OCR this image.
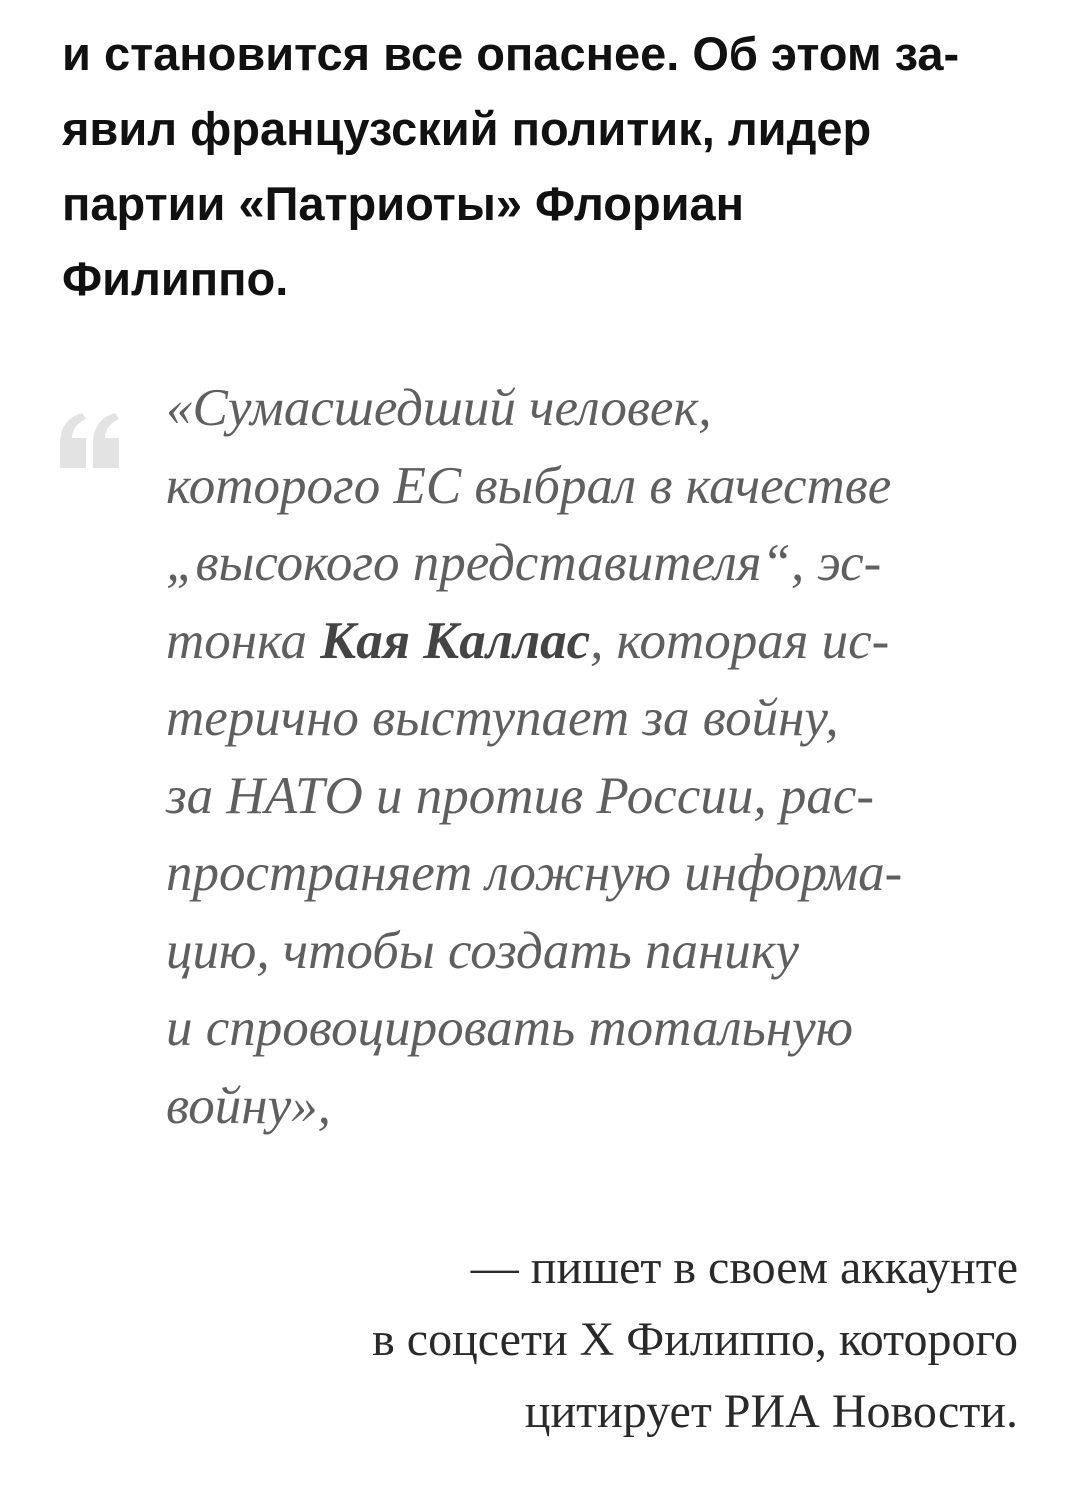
и становится все опаснее. Об этом за-
явил французский политик, лидер
партии «Патриоты» Флориан
Филиппо.

«Сумасшедший человек,
которого ЕС выбрал в качестве
„высокого представителя“, эс-
тонка Кая Каллас, которая ис-
терично выступает за войну,
за НАТО и против России, рас-
пространяет ложную информа-
цию, чтобы создать панику
и спровоцировать тотальную
войну»,

— пишет в своем аккаунте
в соцсети X Филиппо, которого
цитирует РИА Новости.
